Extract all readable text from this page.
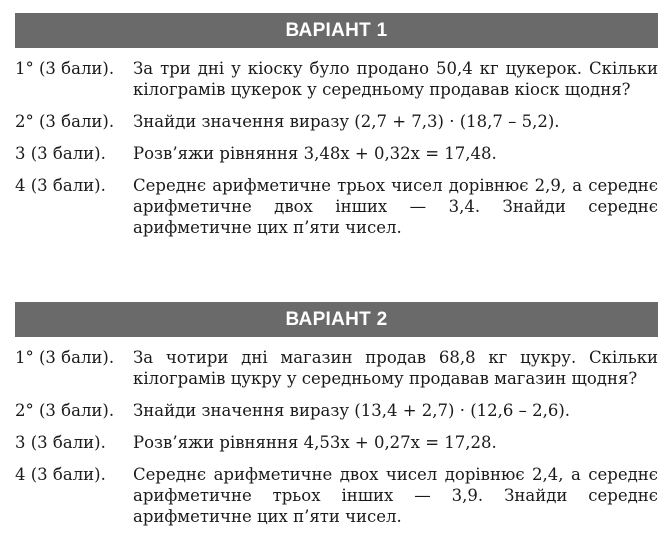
ВАРІАНТ 1
1° (3 бали).	За три дні у кіоску було продано 50,4 кг цукерок. Скільки кілограмів цукерок у середньому продавав кіоск щодня?
2° (3 бали).	Знайди значення виразу (2,7 + 7,3) · (18,7 – 5,2).
3 (3 бали).	Розв’яжи рівняння 3,48x + 0,32x = 17,48.
4 (3 бали).	Середнє арифметичне трьох чисел дорівнює 2,9, а середнє арифметичне двох інших — 3,4. Знайди середнє арифметичне цих п’яти чисел.
ВАРІАНТ 2
1° (3 бали).	За чотири дні магазин продав 68,8 кг цукру. Скільки кілограмів цукру у середньому продавав магазин щодня?
2° (3 бали).	Знайди значення виразу (13,4 + 2,7) · (12,6 – 2,6).
3 (3 бали).	Розв’яжи рівняння 4,53x + 0,27x = 17,28.
4 (3 бали).	Середнє арифметичне двох чисел дорівнює 2,4, а середнє арифметичне трьох інших — 3,9. Знайди середнє арифметичне цих п’яти чисел.
